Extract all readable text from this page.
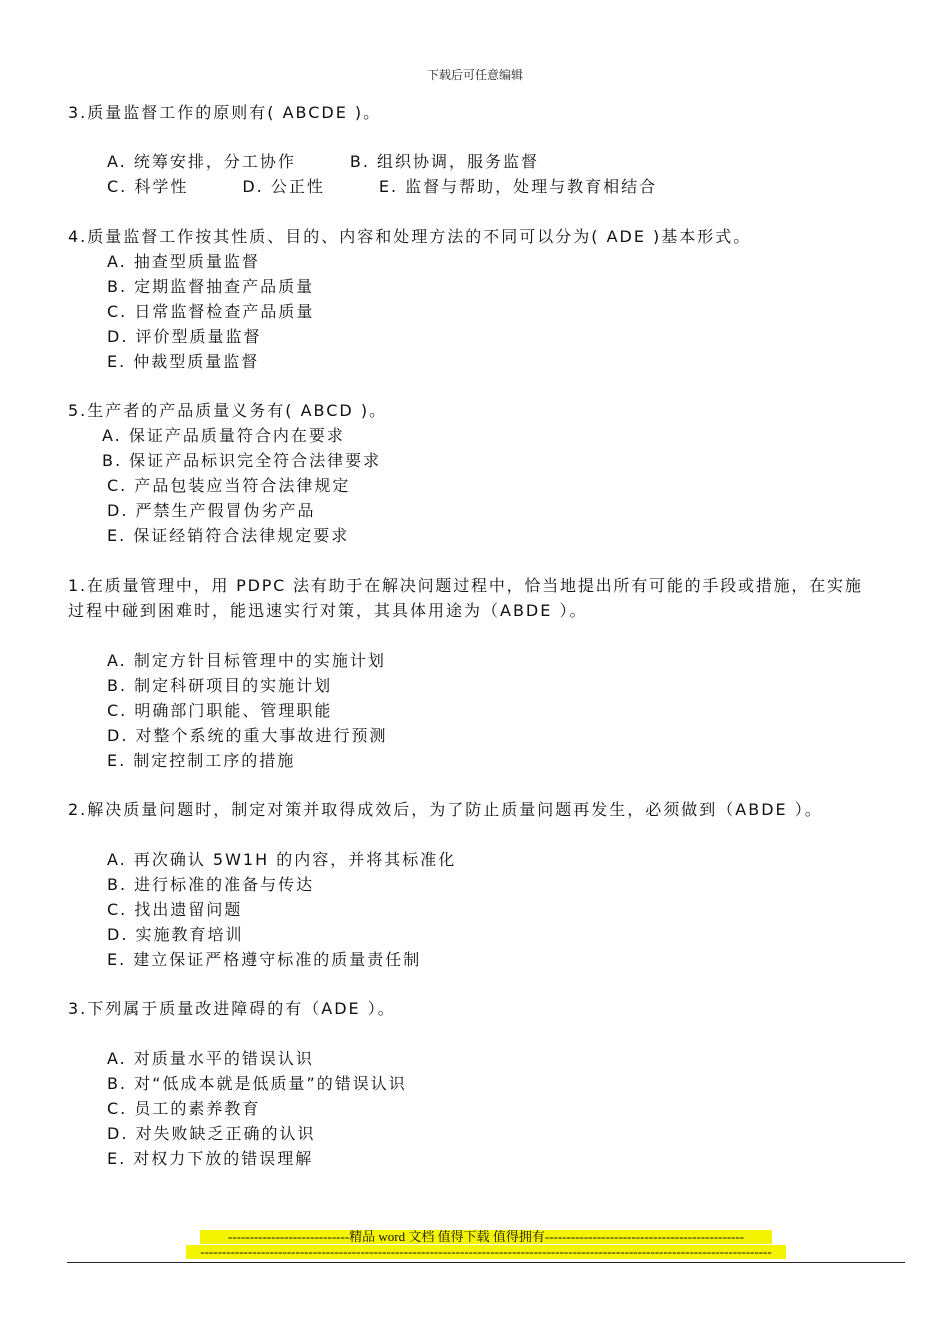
下载后可任意编辑
3.质量监督工作的原则有( ABCDE )。
A. 统筹安排，分工协作　　　B. 组织协调，服务监督
C. 科学性　　　D. 公正性　　　E. 监督与帮助，处理与教育相结合
4.质量监督工作按其性质、目的、内容和处理方法的不同可以分为( ADE )基本形式。
A. 抽查型质量监督
B. 定期监督抽查产品质量
C. 日常监督检查产品质量
D. 评价型质量监督
E. 仲裁型质量监督
5.生产者的产品质量义务有( ABCD )。
A. 保证产品质量符合内在要求
B. 保证产品标识完全符合法律要求
C. 产品包装应当符合法律规定
D. 严禁生产假冒伪劣产品
E. 保证经销符合法律规定要求
1.在质量管理中，用 PDPC 法有助于在解决问题过程中，恰当地提出所有可能的手段或措施，在实施
过程中碰到困难时，能迅速实行对策，其具体用途为（ABDE ）。
A. 制定方针目标管理中的实施计划
B. 制定科研项目的实施计划
C. 明确部门职能、管理职能
D. 对整个系统的重大事故进行预测
E. 制定控制工序的措施
2.解决质量问题时，制定对策并取得成效后，为了防止质量问题再发生，必须做到（ABDE ）。
A. 再次确认 5W1H 的内容，并将其标准化
B. 进行标准的准备与传达
C. 找出遗留问题
D. 实施教育培训
E. 建立保证严格遵守标准的质量责任制
3.下列属于质量改进障碍的有（ADE ）。
A. 对质量水平的错误认识
B. 对“低成本就是低质量”的错误认识
C. 员工的素养教育
D. 对失败缺乏正确的认识
E. 对权力下放的错误理解
----------------------------精品 word 文档 值得下载 值得拥有----------------------------------------------
------------------------------------------------------------------------------------------------------------------------------------
